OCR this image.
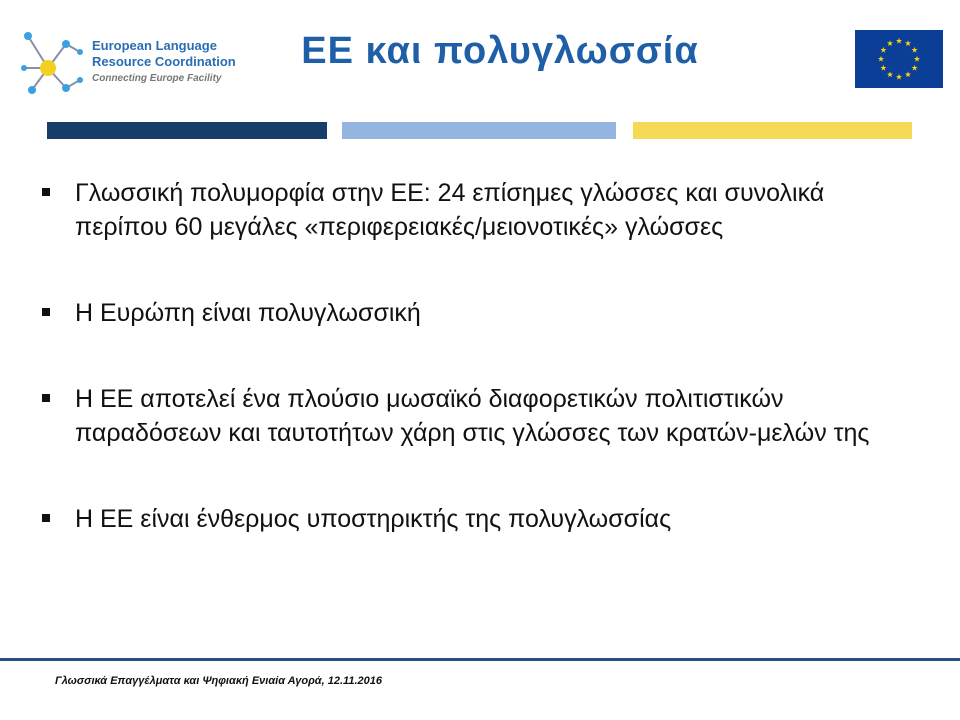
European Language
Resource Coordination
Connecting Europe Facility
ΕΕ και πολυγλωσσία
Γλωσσική πολυμορφία στην ΕΕ: 24 επίσημες γλώσσες και συνολικά περίπου 60 μεγάλες «περιφερειακές/μειονοτικές» γλώσσες
Η Ευρώπη είναι πολυγλωσσική
Η ΕΕ αποτελεί ένα πλούσιο μωσαϊκό διαφορετικών πολιτιστικών παραδόσεων και ταυτοτήτων χάρη στις γλώσσες των κρατών-μελών της
Η ΕΕ είναι ένθερμος υποστηρικτής της πολυγλωσσίας
Γλωσσικά Επαγγέλματα και Ψηφιακή Ενιαία Αγορά, 12.11.2016
